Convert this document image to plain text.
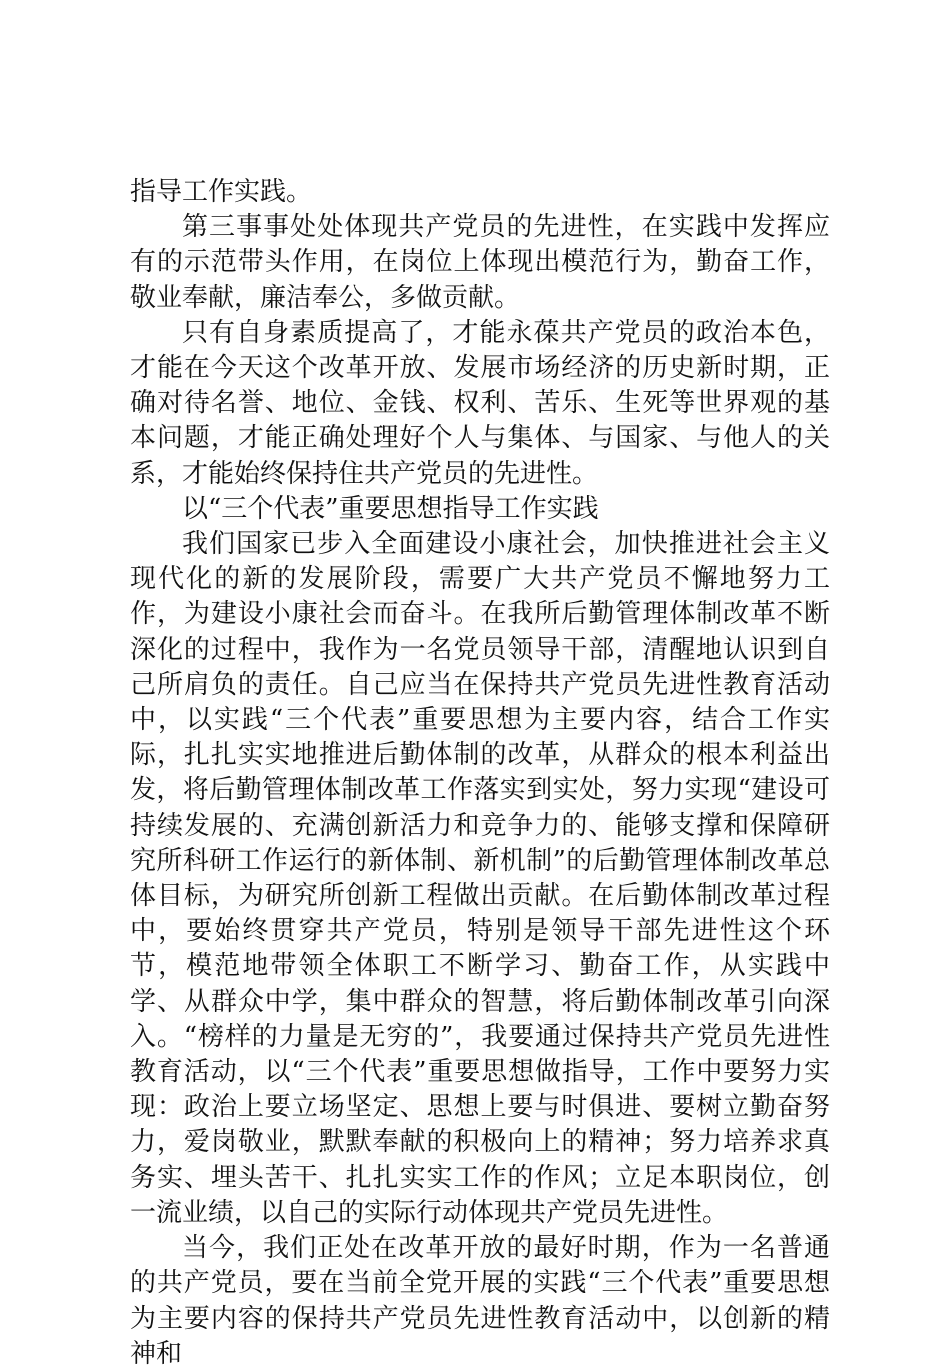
指导工作实践。

第三事事处处体现共产党员的先进性，在实践中发挥应有的示范带头作用，在岗位上体现出模范行为，勤奋工作，敬业奉献，廉洁奉公，多做贡献。

只有自身素质提高了，才能永葆共产党员的政治本色，才能在今天这个改革开放、发展市场经济的历史新时期，正确对待名誉、地位、金钱、权利、苦乐、生死等世界观的基本问题，才能正确处理好个人与集体、与国家、与他人的关系，才能始终保持住共产党员的先进性。

以“三个代表”重要思想指导工作实践

我们国家已步入全面建设小康社会，加快推进社会主义现代化的新的发展阶段，需要广大共产党员不懈地努力工作，为建设小康社会而奋斗。在我所后勤管理体制改革不断深化的过程中，我作为一名党员领导干部，清醒地认识到自己所肩负的责任。自己应当在保持共产党员先进性教育活动中，以实践“三个代表”重要思想为主要内容，结合工作实际，扎扎实实地推进后勤体制的改革，从群众的根本利益出发，将后勤管理体制改革工作落实到实处，努力实现“建设可持续发展的、充满创新活力和竞争力的、能够支撑和保障研究所科研工作运行的新体制、新机制”的后勤管理体制改革总体目标，为研究所创新工程做出贡献。在后勤体制改革过程中，要始终贯穿共产党员，特别是领导干部先进性这个环节，模范地带领全体职工不断学习、勤奋工作，从实践中学、从群众中学，集中群众的智慧，将后勤体制改革引向深入。“榜样的力量是无穷的”，我要通过保持共产党员先进性教育活动，以“三个代表”重要思想做指导，工作中要努力实现：政治上要立场坚定、思想上要与时俱进、要树立勤奋努力，爱岗敬业，默默奉献的积极向上的精神；努力培养求真务实、埋头苦干、扎扎实实工作的作风；立足本职岗位，创一流业绩，以自己的实际行动体现共产党员先进性。

当今，我们正处在改革开放的最好时期，作为一名普通的共产党员，要在当前全党开展的实践“三个代表”重要思想为主要内容的保持共产党员先进性教育活动中，以创新的精神和
